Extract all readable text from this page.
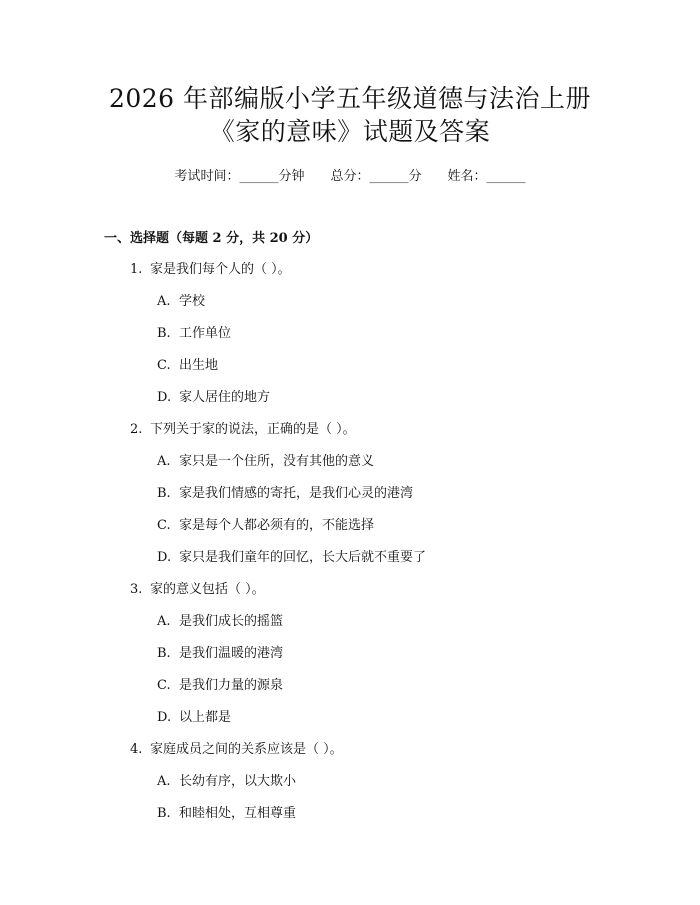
2026 年部编版小学五年级道德与法治上册
《家的意味》试题及答案
考试时间：______分钟 总分：______分 姓名：______
一、选择题（每题 2 分，共 20 分）
1. 家是我们每个人的（ ）。
A. 学校
B. 工作单位
C. 出生地
D. 家人居住的地方
2. 下列关于家的说法，正确的是（ ）。
A. 家只是一个住所，没有其他的意义
B. 家是我们情感的寄托，是我们心灵的港湾
C. 家是每个人都必须有的，不能选择
D. 家只是我们童年的回忆，长大后就不重要了
3. 家的意义包括（ ）。
A. 是我们成长的摇篮
B. 是我们温暖的港湾
C. 是我们力量的源泉
D. 以上都是
4. 家庭成员之间的关系应该是（ ）。
A. 长幼有序，以大欺小
B. 和睦相处，互相尊重
